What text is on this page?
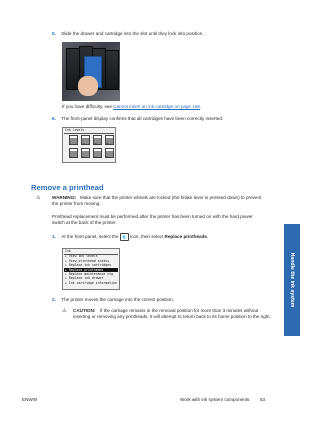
5. Slide the drawer and cartridge into the slot until they lock into position.
If you have difficulty, see Cannot insert an ink cartridge on page 165.
6. The front-panel display confirms that all cartridges have been correctly inserted.
Ink levels
C	LM	PK	MK
Y	LC	LG	M
Remove a printhead
⚠	WARNING! Make sure that the printer wheels are locked (the brake lever is pressed down) to prevent the printer from moving.
Printhead replacement must be performed after the printer has been turned on with the hard power switch at the back of the printer.
1. At the front panel, select the 💧 icon, then select Replace printheads.
Ink
▸ View ink levels
▸ View printhead status
▸ Replace ink cartridges
▸ Replace printheads
▸ Replace maintenance ctg
▸ Replace ink drawer
▸ Ink cartridge information
2. The printer moves the carriage into the correct position.
⚠ CAUTION: If the carriage remains in the removal position for more than 3 minutes without inserting or removing any printheads, it will attempt to return back to its home position to the right.
Handle the ink system
ENWW	Work with ink system components 63
